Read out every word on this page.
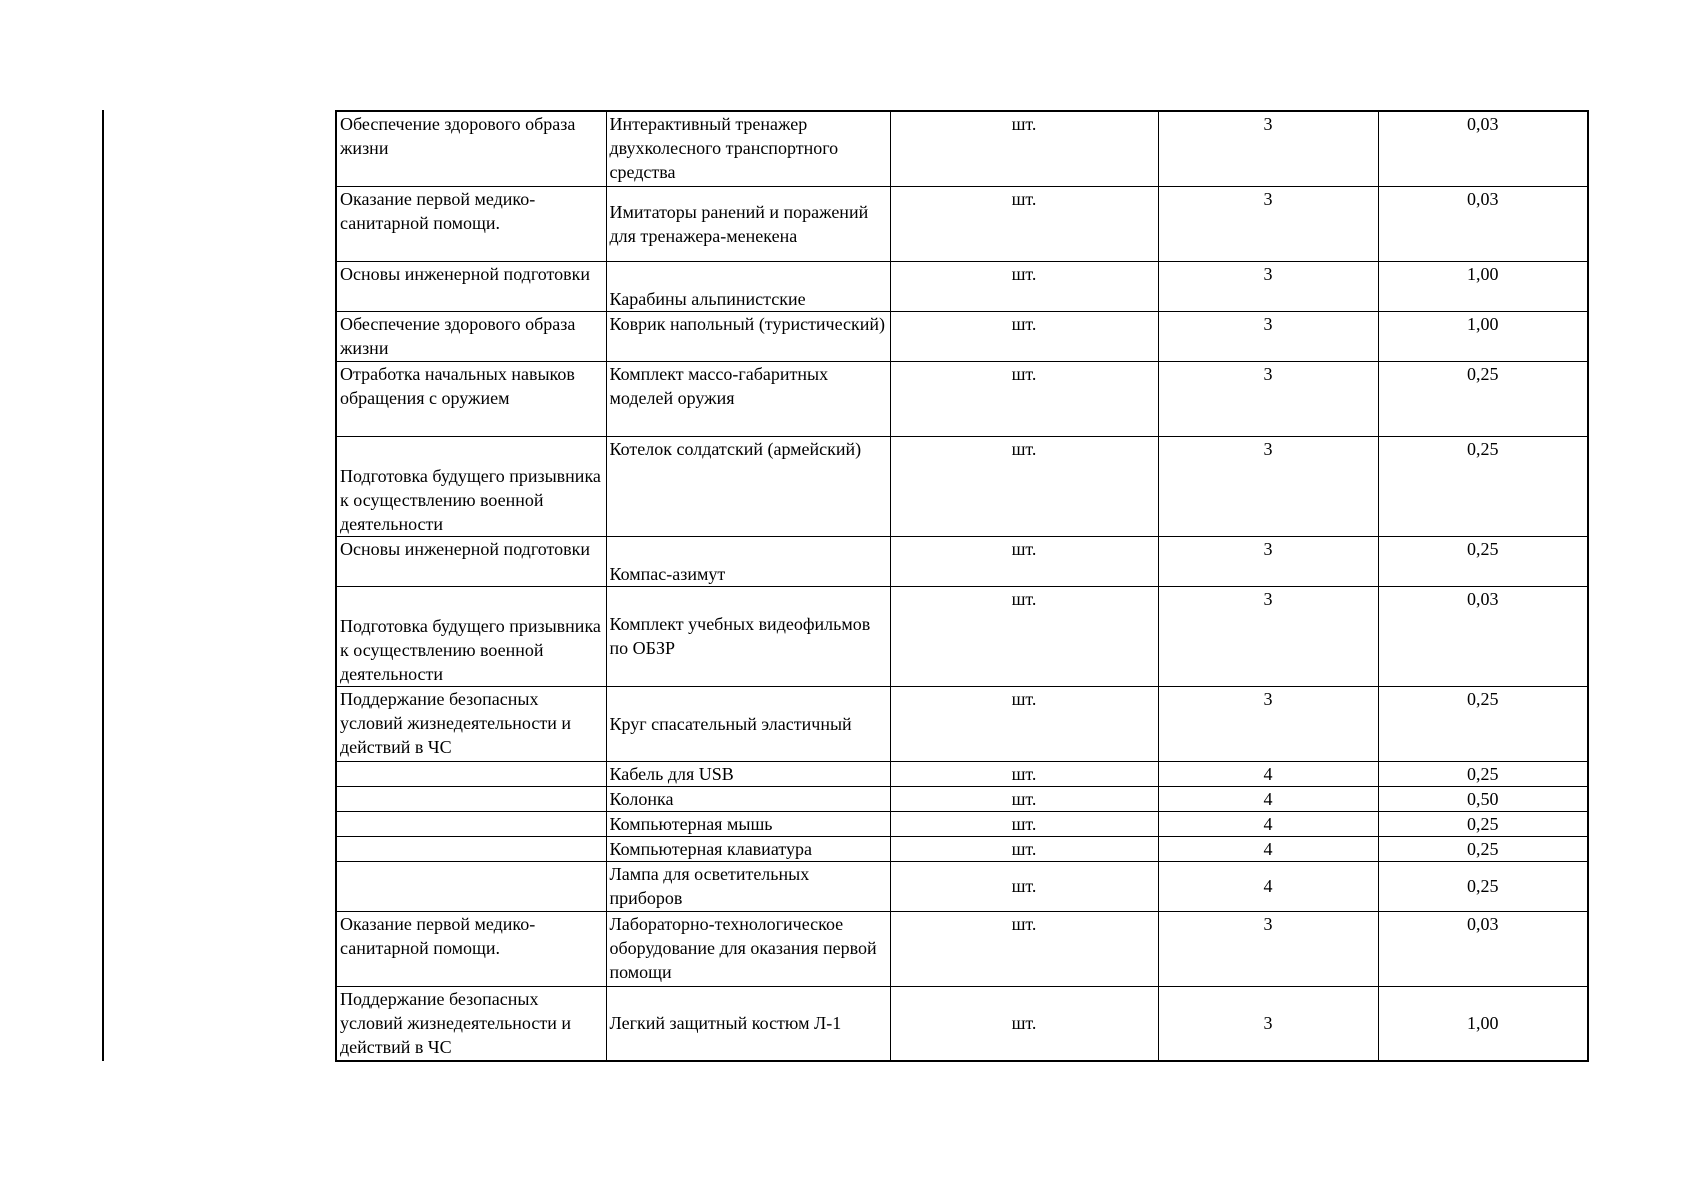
Обеспечение здорового образа жизни	Интерактивный тренажер двухколесного транспортного средства	шт.	3	0,03
Оказание первой медико-санитарной помощи.	Имитаторы ранений и поражений для тренажера-менекена	шт.	3	0,03
Основы инженерной подготовки	Карабины альпинистские	шт.	3	1,00
Обеспечение здорового образа жизни	Коврик напольный (туристический)	шт.	3	1,00
Отработка начальных навыков обращения с оружием	Комплект массо-габаритных моделей оружия	шт.	3	0,25
Подготовка будущего призывника к осуществлению военной деятельности	Котелок солдатский (армейский)	шт.	3	0,25
Основы инженерной подготовки	Компас-азимут	шт.	3	0,25
Подготовка будущего призывника к осуществлению военной деятельности	Комплект учебных видеофильмов по ОБЗР	шт.	3	0,03
Поддержание безопасных условий жизнедеятельности и действий в ЧС	Круг спасательный эластичный	шт.	3	0,25
	Кабель для USB	шт.	4	0,25
	Колонка	шт.	4	0,50
	Компьютерная мышь	шт.	4	0,25
	Компьютерная клавиатура	шт.	4	0,25
	Лампа для осветительных приборов	шт.	4	0,25
Оказание первой медико-санитарной помощи.	Лабораторно-технологическое оборудование для оказания первой помощи	шт.	3	0,03
Поддержание безопасных условий жизнедеятельности и действий в ЧС	Легкий защитный костюм Л-1	шт.	3	1,00
